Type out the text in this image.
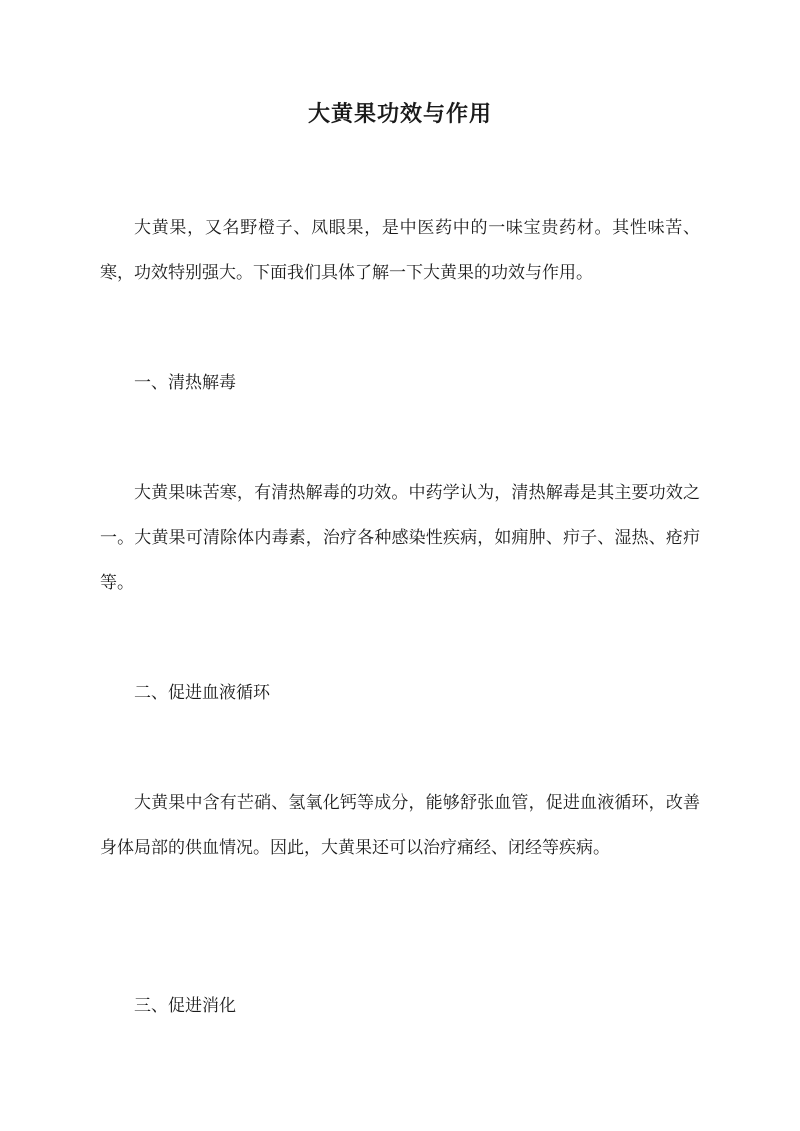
大黄果功效与作用

大黄果，又名野橙子、凤眼果，是中医药中的一味宝贵药材。其性味苦、寒，功效特别强大。下面我们具体了解一下大黄果的功效与作用。

一、清热解毒

大黄果味苦寒，有清热解毒的功效。中药学认为，清热解毒是其主要功效之一。大黄果可清除体内毒素，治疗各种感染性疾病，如痈肿、疖子、湿热、疮疖等。

二、促进血液循环

大黄果中含有芒硝、氢氧化钙等成分，能够舒张血管，促进血液循环，改善身体局部的供血情况。因此，大黄果还可以治疗痛经、闭经等疾病。

三、促进消化
